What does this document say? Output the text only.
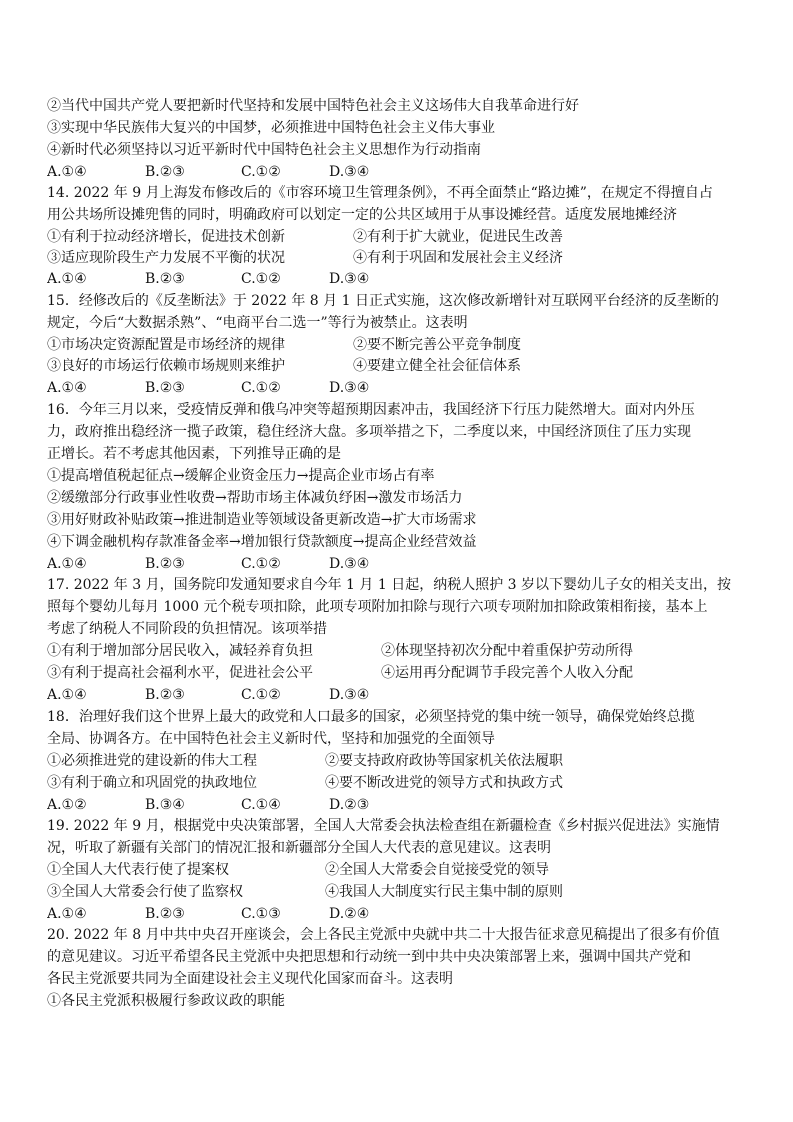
②当代中国共产党人要把新时代坚持和发展中国特色社会主义这场伟大自我革命进行好
③实现中华民族伟大复兴的中国梦，必须推进中国特色社会主义伟大事业
④新时代必须坚持以习近平新时代中国特色社会主义思想作为行动指南
A.①④	B.②③	C.①②	D.③④
14. 2022 年 9 月上海发布修改后的《市容环境卫生管理条例》，不再全面禁止“路边摊”，在规定不得擅自占
用公共场所设摊兜售的同时，明确政府可以划定一定的公共区域用于从事设摊经营。适度发展地摊经济
①有利于拉动经济增长，促进技术创新	②有利于扩大就业，促进民生改善
③适应现阶段生产力发展不平衡的状况	④有利于巩固和发展社会主义经济
A.①④	B.②③	C.①②	D.③④
15．经修改后的《反垄断法》于 2022 年 8 月 1 日正式实施，这次修改新增针对互联网平台经济的反垄断的
规定，今后“大数据杀熟”、“电商平台二选一”等行为被禁止。这表明
①市场决定资源配置是市场经济的规律	②要不断完善公平竞争制度
③良好的市场运行依赖市场规则来维护	④要建立健全社会征信体系
A.①④	B.②③	C.①②	D.③④
16．今年三月以来，受疫情反弹和俄乌冲突等超预期因素冲击，我国经济下行压力陡然增大。面对内外压
力，政府推出稳经济一揽子政策，稳住经济大盘。多项举措之下，二季度以来，中国经济顶住了压力实现
正增长。若不考虑其他因素，下列推导正确的是
①提高增值税起征点→缓解企业资金压力→提高企业市场占有率
②缓缴部分行政事业性收费→帮助市场主体减负纾困→激发市场活力
③用好财政补贴政策→推进制造业等领域设备更新改造→扩大市场需求
④下调金融机构存款准备金率→增加银行贷款额度→提高企业经营效益
A.①④	B.②③	C.①②	D.③④
17. 2022 年 3 月，国务院印发通知要求自今年 1 月 1 日起，纳税人照护 3 岁以下婴幼儿子女的相关支出，按
照每个婴幼儿每月 1000 元个税专项扣除，此项专项附加扣除与现行六项专项附加扣除政策相衔接，基本上
考虑了纳税人不同阶段的负担情况。该项举措
①有利于增加部分居民收入，减轻养育负担	②体现坚持初次分配中着重保护劳动所得
③有利于提高社会福利水平，促进社会公平	④运用再分配调节手段完善个人收入分配
A.①④	B.②③	C.①②	D.③④
18．治理好我们这个世界上最大的政党和人口最多的国家，必须坚持党的集中统一领导，确保党始终总揽
全局、协调各方。在中国特色社会主义新时代，坚持和加强党的全面领导
①必须推进党的建设新的伟大工程	②要支持政府政协等国家机关依法履职
③有利于确立和巩固党的执政地位	④要不断改进党的领导方式和执政方式
A.①②	B.③④	C.①④	D.②③
19. 2022 年 9 月，根据党中央决策部署，全国人大常委会执法检查组在新疆检查《乡村振兴促进法》实施情
况，听取了新疆有关部门的情况汇报和新疆部分全国人大代表的意见建议。这表明
①全国人大代表行使了提案权	②全国人大常委会自觉接受党的领导
③全国人大常委会行使了监察权	④我国人大制度实行民主集中制的原则
A.①④	B.②③	C.①③	D.②④
20. 2022 年 8 月中共中央召开座谈会，会上各民主党派中央就中共二十大报告征求意见稿提出了很多有价值
的意见建议。习近平希望各民主党派中央把思想和行动统一到中共中央决策部署上来，强调中国共产党和
各民主党派要共同为全面建设社会主义现代化国家而奋斗。这表明
①各民主党派积极履行参政议政的职能
